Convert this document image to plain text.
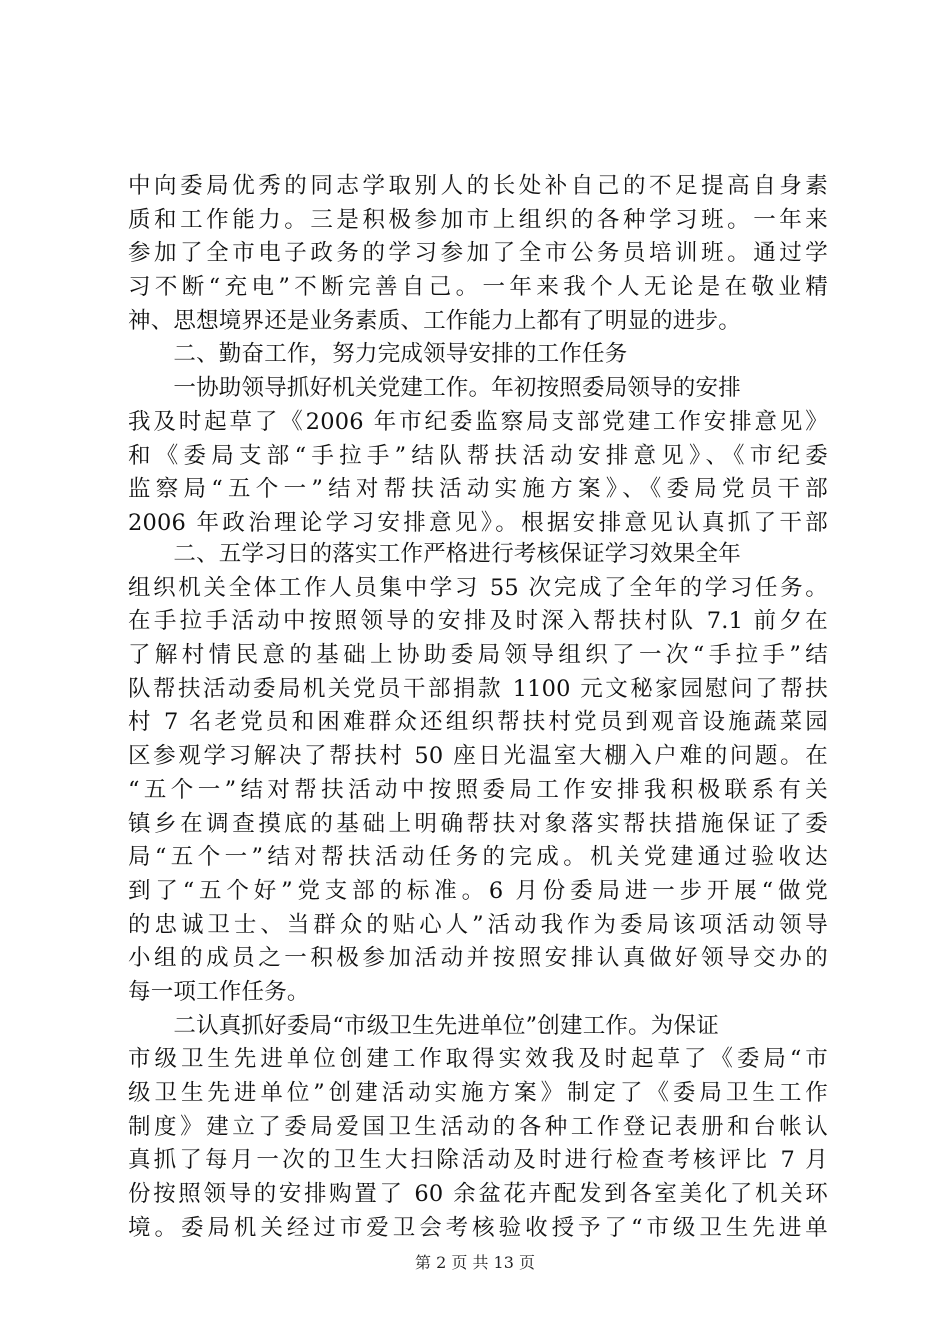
中向委局优秀的同志学取别人的长处补自己的不足提高自身素
质和工作能力。三是积极参加市上组织的各种学习班。一年来
参加了全市电子政务的学习参加了全市公务员培训班。通过学
习不断“充电”不断完善自己。一年来我个人无论是在敬业精
神、思想境界还是业务素质、工作能力上都有了明显的进步。
　　二、勤奋工作，努力完成领导安排的工作任务
　　一协助领导抓好机关党建工作。年初按照委局领导的安排
我及时起草了《2006 年市纪委监察局支部党建工作安排意见》
和《委局支部“手拉手”结队帮扶活动安排意见》、《市纪委
监察局“五个一”结对帮扶活动实施方案》、《委局党员干部
2006 年政治理论学习安排意见》。根据安排意见认真抓了干部
　　二、五学习日的落实工作严格进行考核保证学习效果全年
组织机关全体工作人员集中学习 55 次完成了全年的学习任务。
在手拉手活动中按照领导的安排及时深入帮扶村队 7.1 前夕在
了解村情民意的基础上协助委局领导组织了一次“手拉手”结
队帮扶活动委局机关党员干部捐款 1100 元文秘家园慰问了帮扶
村 7 名老党员和困难群众还组织帮扶村党员到观音设施蔬菜园
区参观学习解决了帮扶村 50 座日光温室大棚入户难的问题。在
“五个一”结对帮扶活动中按照委局工作安排我积极联系有关
镇乡在调查摸底的基础上明确帮扶对象落实帮扶措施保证了委
局“五个一”结对帮扶活动任务的完成。机关党建通过验收达
到了“五个好”党支部的标准。6 月份委局进一步开展“做党
的忠诚卫士、当群众的贴心人”活动我作为委局该项活动领导
小组的成员之一积极参加活动并按照安排认真做好领导交办的
每一项工作任务。
　　二认真抓好委局“市级卫生先进单位”创建工作。为保证
市级卫生先进单位创建工作取得实效我及时起草了《委局“市
级卫生先进单位”创建活动实施方案》制定了《委局卫生工作
制度》建立了委局爱国卫生活动的各种工作登记表册和台帐认
真抓了每月一次的卫生大扫除活动及时进行检查考核评比 7 月
份按照领导的安排购置了 60 余盆花卉配发到各室美化了机关环
境。委局机关经过市爱卫会考核验收授予了“市级卫生先进单
第 2 页 共 13 页
